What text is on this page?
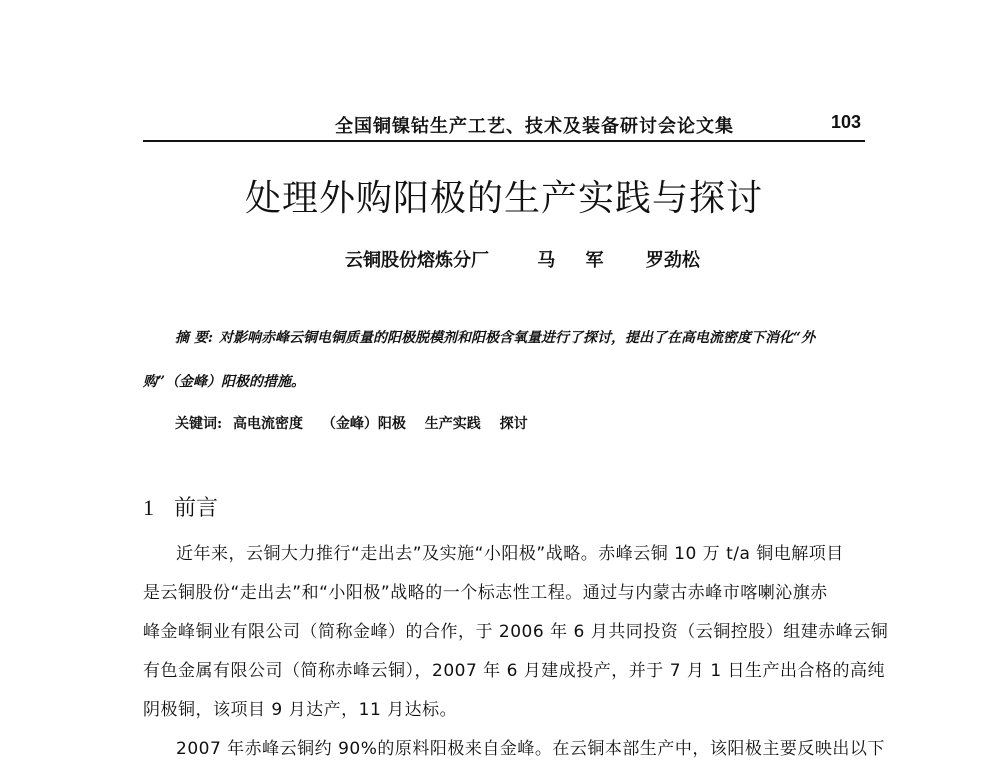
全国铜镍钴生产工艺、技术及装备研讨会论文集	103
处理外购阳极的生产实践与探讨
云铜股份熔炼分厂	马 军 罗劲松
摘 要: 对影响赤峰云铜电铜质量的阳极脱模剂和阳极含氧量进行了探讨，提出了在高电流密度下消化“外
购”（金峰）阳极的措施。
关键词: 高电流密度 （金峰）阳极 生产实践 探讨
1 前言
近年来，云铜大力推行“走出去”及实施“小阳极”战略。赤峰云铜 10 万 t/a 铜电解项目
是云铜股份“走出去”和“小阳极”战略的一个标志性工程。通过与内蒙古赤峰市喀喇沁旗赤
峰金峰铜业有限公司（简称金峰）的合作，于 2006 年 6 月共同投资（云铜控股）组建赤峰云铜
有色金属有限公司（简称赤峰云铜），2007 年 6 月建成投产，并于 7 月 1 日生产出合格的高纯
阴极铜，该项目 9 月达产，11 月达标。
2007 年赤峰云铜约 90%的原料阳极来自金峰。在云铜本部生产中，该阳极主要反映出以下
